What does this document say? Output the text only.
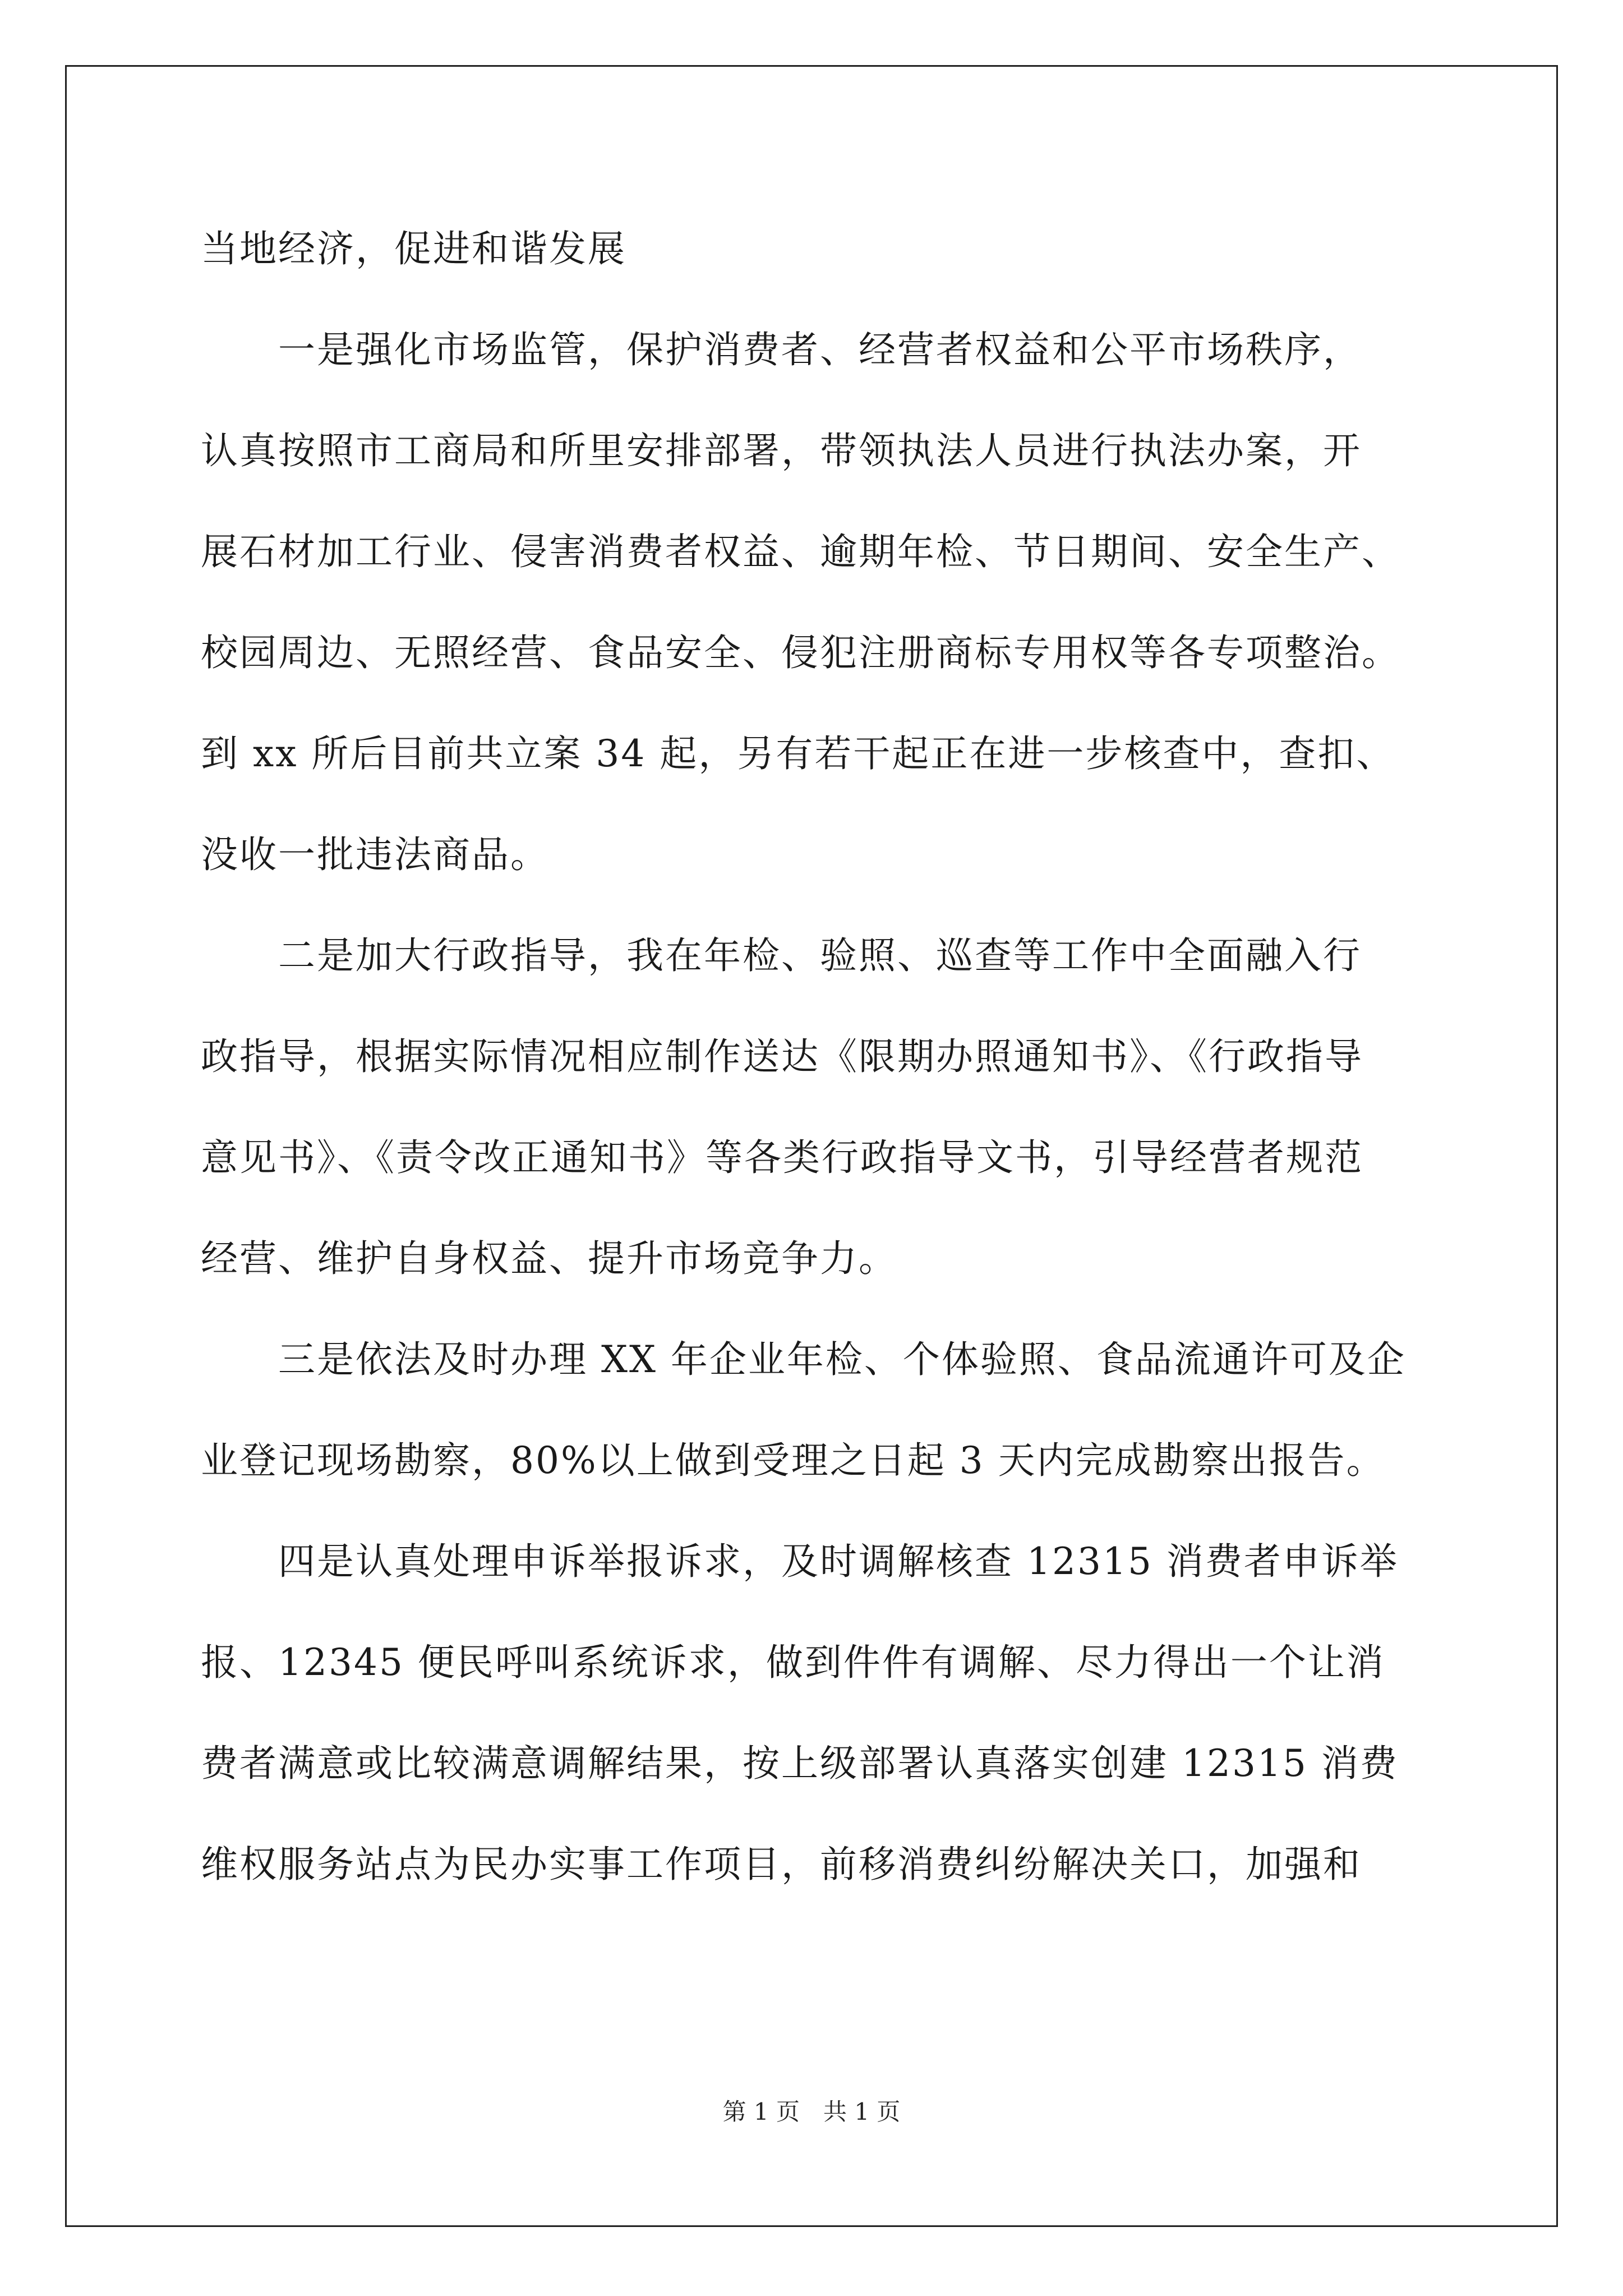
当地经济，促进和谐发展
　　一是强化市场监管，保护消费者、经营者权益和公平市场秩序，
认真按照市工商局和所里安排部署，带领执法人员进行执法办案，开
展石材加工行业、侵害消费者权益、逾期年检、节日期间、安全生产、
校园周边、无照经营、食品安全、侵犯注册商标专用权等各专项整治。
到 xx 所后目前共立案 34 起，另有若干起正在进一步核查中，查扣、
没收一批违法商品。
　　二是加大行政指导，我在年检、验照、巡查等工作中全面融入行
政指导，根据实际情况相应制作送达《限期办照通知书》、《行政指导
意见书》、《责令改正通知书》等各类行政指导文书，引导经营者规范
经营、维护自身权益、提升市场竞争力。
　　三是依法及时办理 XX 年企业年检、个体验照、食品流通许可及企
业登记现场勘察，80%以上做到受理之日起 3 天内完成勘察出报告。
　　四是认真处理申诉举报诉求，及时调解核查 12315 消费者申诉举
报、12345 便民呼叫系统诉求，做到件件有调解、尽力得出一个让消
费者满意或比较满意调解结果，按上级部署认真落实创建 12315 消费
维权服务站点为民办实事工作项目，前移消费纠纷解决关口，加强和
第 1 页　共 1 页
